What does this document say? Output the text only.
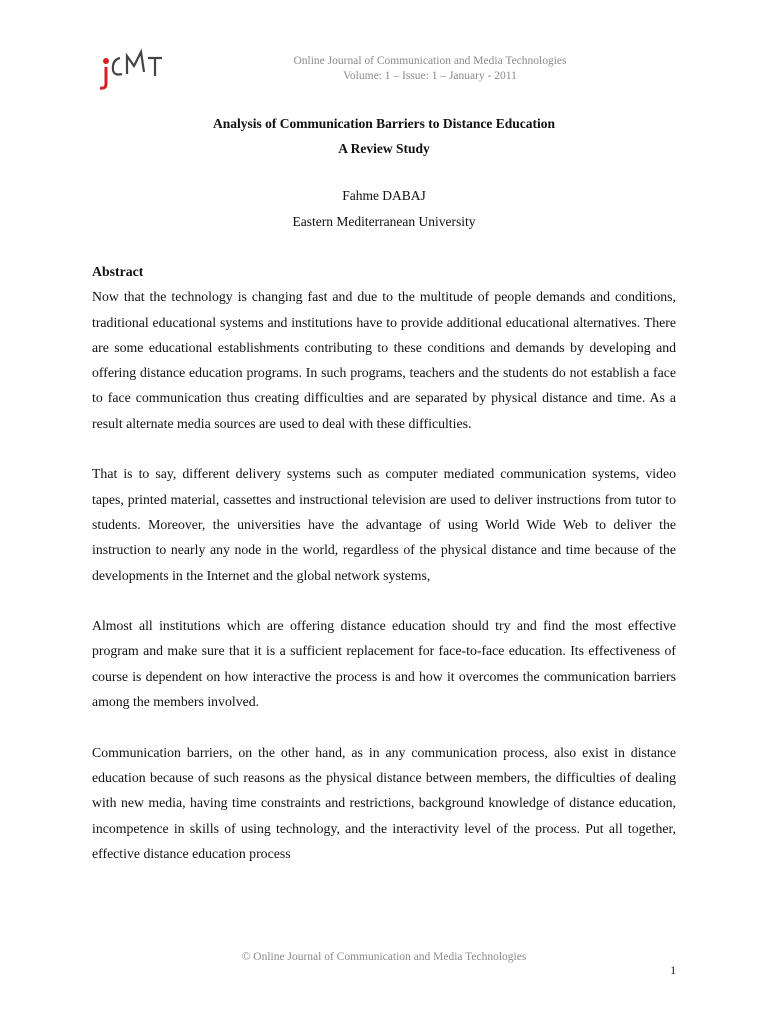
Online Journal of Communication and Media Technologies
Volume: 1 – Issue: 1 – January - 2011
Analysis of Communication Barriers to Distance Education
A Review Study
Fahme DABAJ
Eastern Mediterranean University
Abstract

Now that the technology is changing fast and due to the multitude of people demands and conditions, traditional educational systems and institutions have to provide additional educational alternatives. There are some educational establishments contributing to these conditions and demands by developing and offering distance education programs. In such programs, teachers and the students do not establish a face to face communication thus creating difficulties and are separated by physical distance and time. As a result alternate media sources are used to deal with these difficulties.

That is to say, different delivery systems such as computer mediated communication systems, video tapes, printed material, cassettes and instructional television are used to deliver instructions from tutor to students. Moreover, the universities have the advantage of using World Wide Web to deliver the instruction to nearly any node in the world, regardless of the physical distance and time because of the developments in the Internet and the global network systems,

Almost all institutions which are offering distance education should try and find the most effective program and make sure that it is a sufficient replacement for face-to-face education. Its effectiveness of course is dependent on how interactive the process is and how it overcomes the communication barriers among the members involved.

Communication barriers, on the other hand, as in any communication process, also exist in distance education because of such reasons as the physical distance between members, the difficulties of dealing with new media, having time constraints and restrictions, background knowledge of distance education, incompetence in skills of using technology, and the interactivity level of the process. Put all together, effective distance education process

© Online Journal of Communication and Media Technologies
1
